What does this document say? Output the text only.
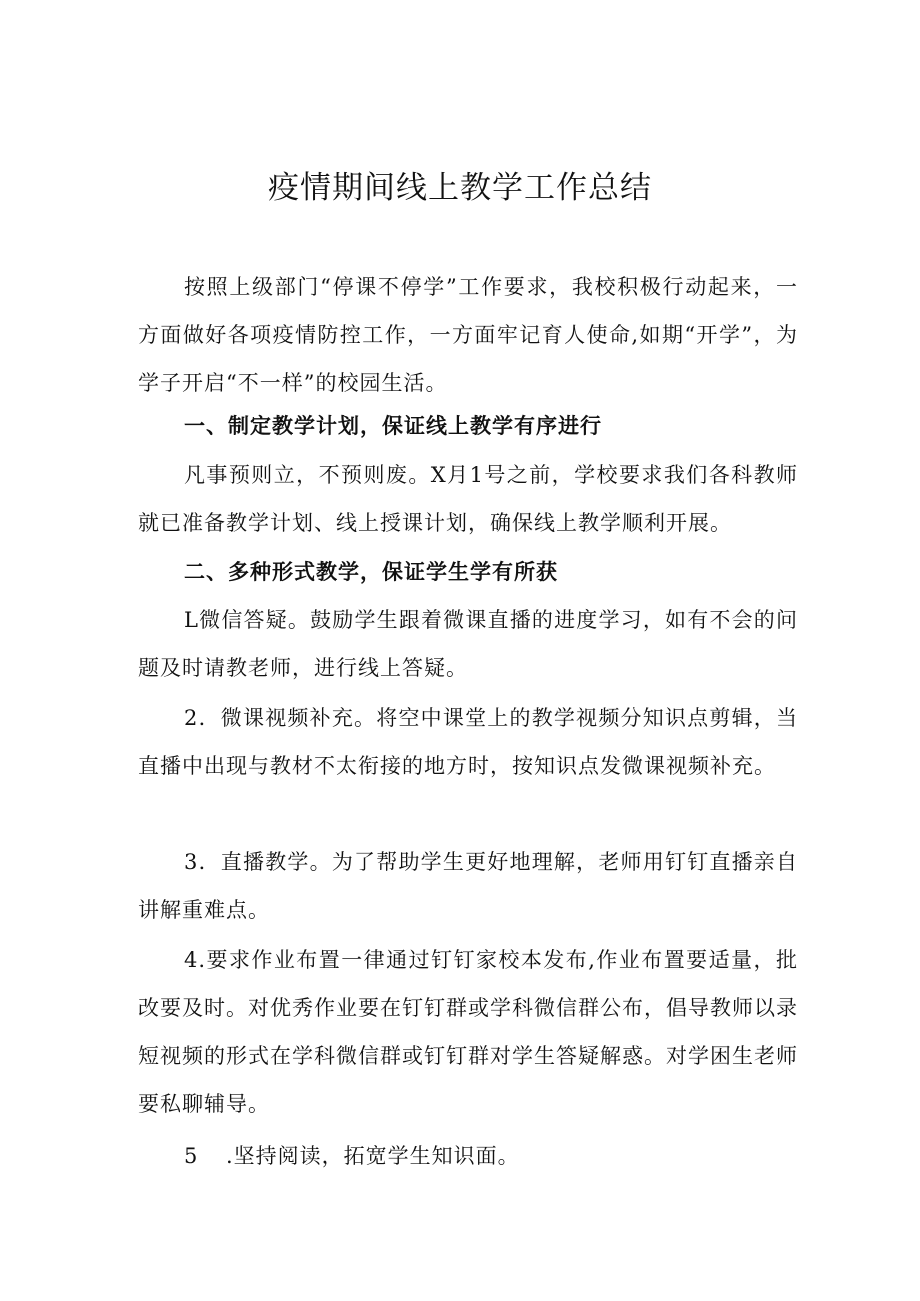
疫情期间线上教学工作总结

按照上级部门“停课不停学”工作要求，我校积极行动起来，一方面做好各项疫情防控工作，一方面牢记育人使命,如期“开学”，为学子开启“不一样”的校园生活。

一、制定教学计划，保证线上教学有序进行

凡事预则立，不预则废。X月1号之前，学校要求我们各科教师就已准备教学计划、线上授课计划，确保线上教学顺利开展。

二、多种形式教学，保证学生学有所获

L微信答疑。鼓励学生跟着微课直播的进度学习，如有不会的问题及时请教老师，进行线上答疑。

2．微课视频补充。将空中课堂上的教学视频分知识点剪辑，当直播中出现与教材不太衔接的地方时，按知识点发微课视频补充。

3．直播教学。为了帮助学生更好地理解，老师用钉钉直播亲自讲解重难点。

4.要求作业布置一律通过钉钉家校本发布,作业布置要适量，批改要及时。对优秀作业要在钉钉群或学科微信群公布，倡导教师以录短视频的形式在学科微信群或钉钉群对学生答疑解惑。对学困生老师要私聊辅导。

5 .坚持阅读，拓宽学生知识面。
